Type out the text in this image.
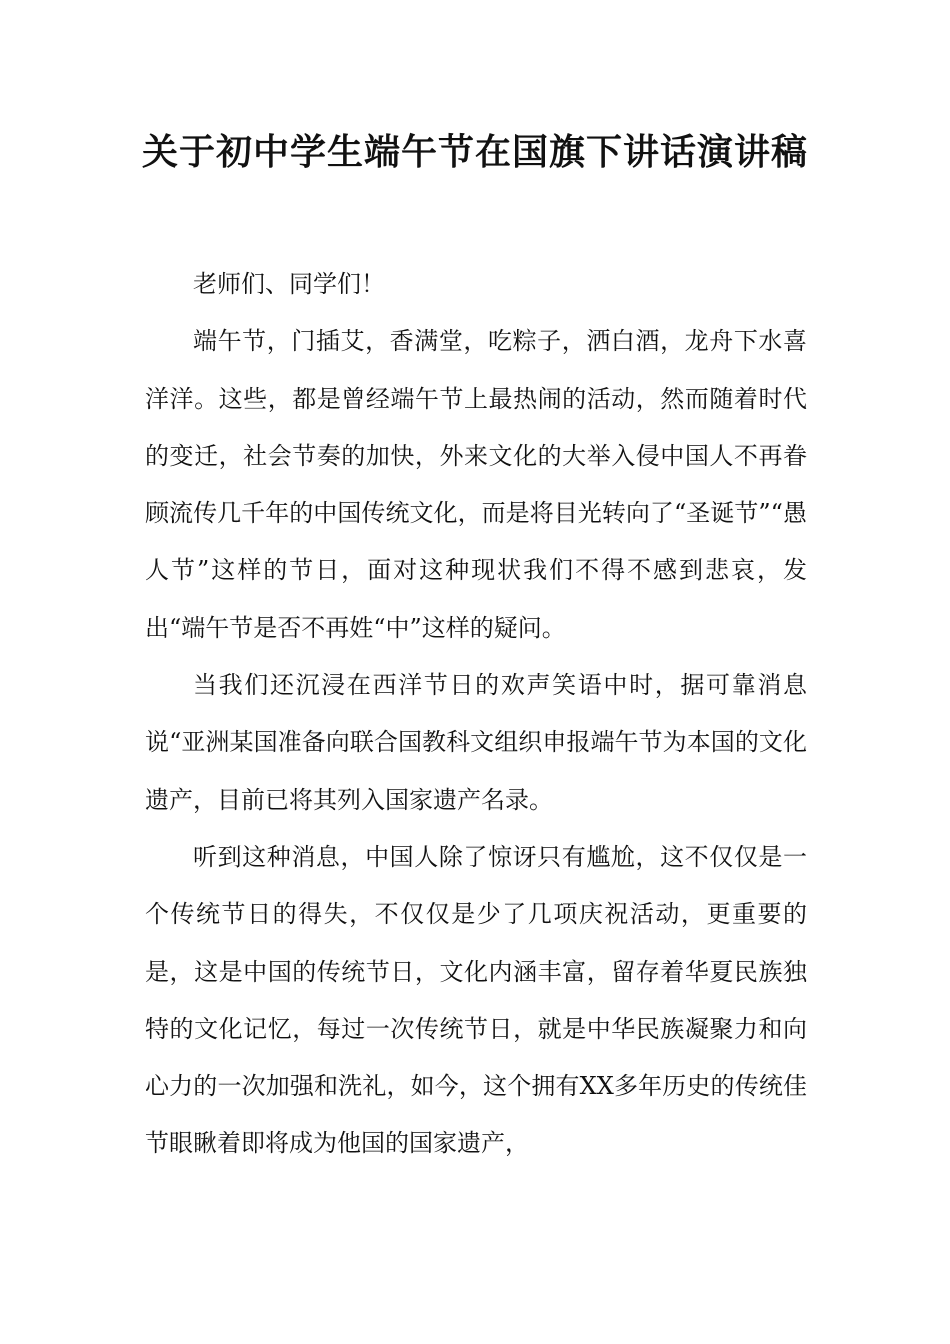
关于初中学生端午节在国旗下讲话演讲稿

老师们、同学们！

端午节，门插艾，香满堂，吃粽子，洒白酒，龙舟下水喜洋洋。这些，都是曾经端午节上最热闹的活动，然而随着时代的变迁，社会节奏的加快，外来文化的大举入侵中国人不再眷顾流传几千年的中国传统文化，而是将目光转向了“圣诞节”“愚人节”这样的节日，面对这种现状我们不得不感到悲哀，发出“端午节是否不再姓“中”这样的疑问。

当我们还沉浸在西洋节日的欢声笑语中时，据可靠消息说“亚洲某国准备向联合国教科文组织申报端午节为本国的文化遗产，目前已将其列入国家遗产名录。

听到这种消息，中国人除了惊讶只有尴尬，这不仅仅是一个传统节日的得失，不仅仅是少了几项庆祝活动，更重要的是，这是中国的传统节日，文化内涵丰富，留存着华夏民族独特的文化记忆，每过一次传统节日，就是中华民族凝聚力和向心力的一次加强和洗礼，如今，这个拥有XX多年历史的传统佳节眼瞅着即将成为他国的国家遗产，
